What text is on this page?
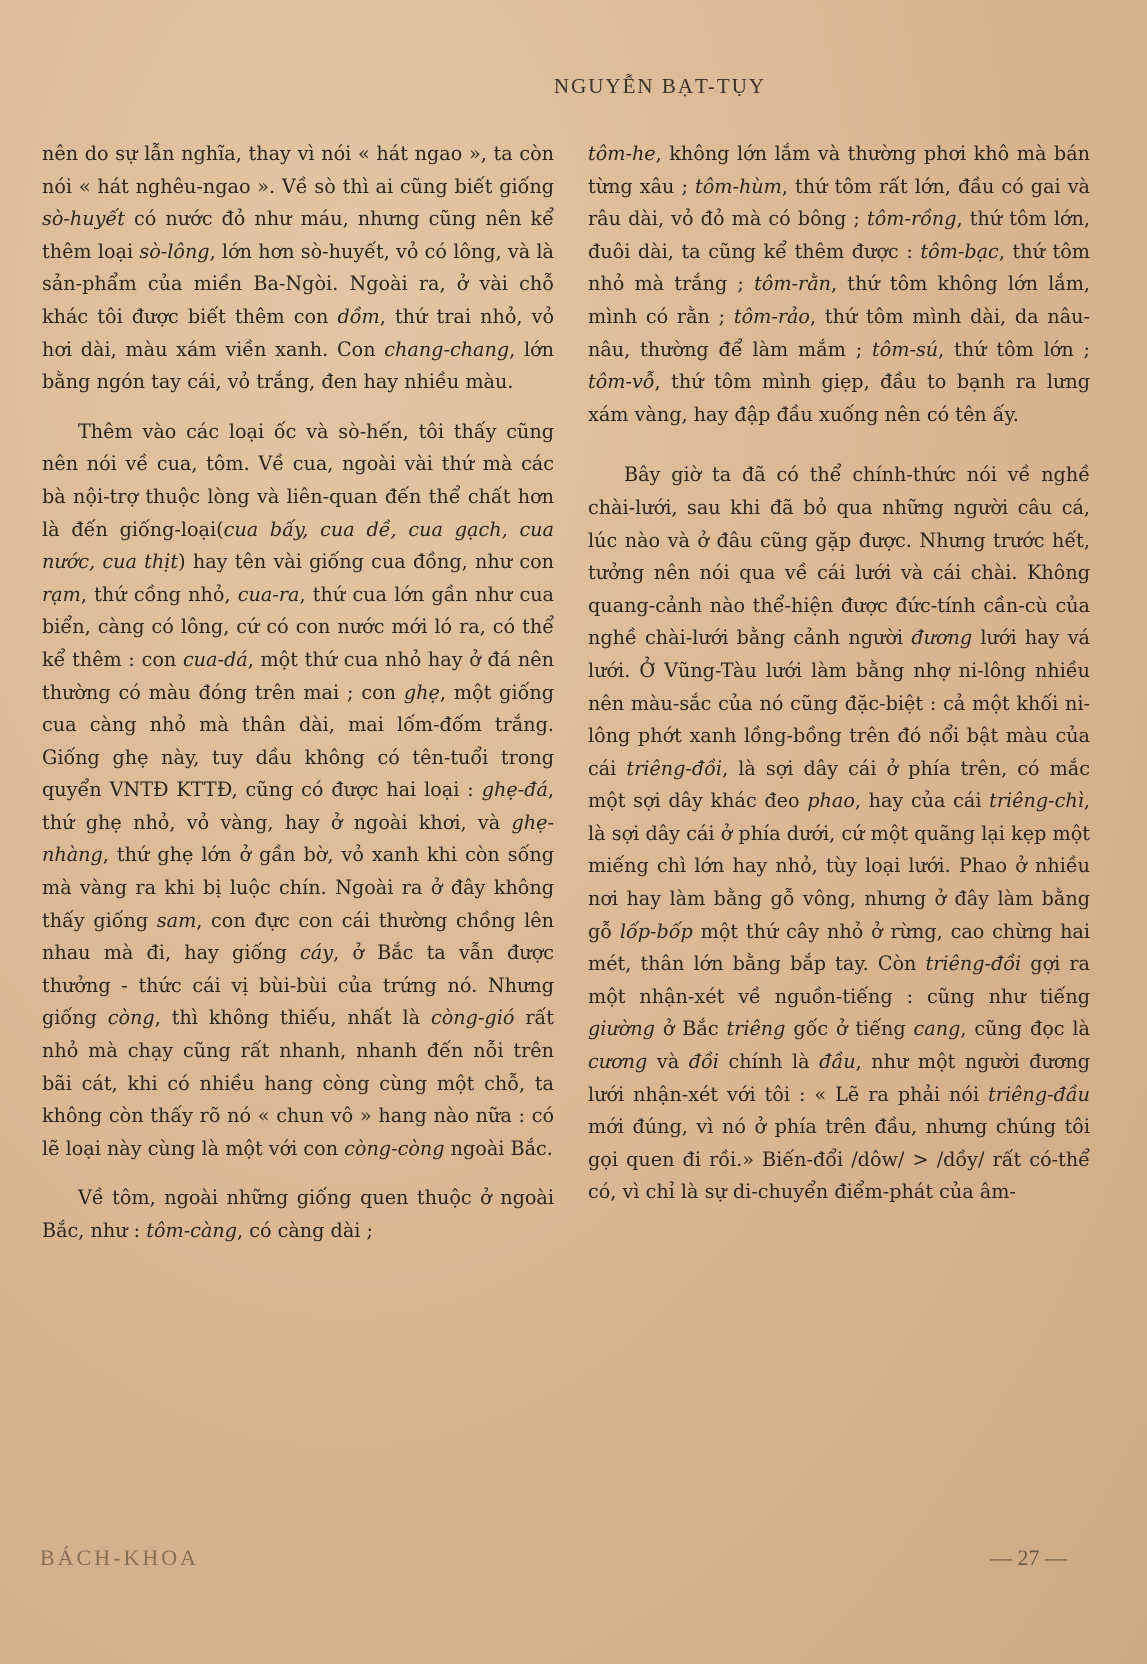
NGUYỄN BẠT-TỤY

nên do sự lẫn nghĩa, thay vì nói « hát ngao », ta còn nói « hát nghêu-ngao ». Về sò thì ai cũng biết giống sò-huyết có nước đỏ như máu, nhưng cũng nên kể thêm loại sò-lông, lớn hơn sò-huyết, vỏ có lông, và là sản-phẩm của miền Ba-Ngòi. Ngoài ra, ở vài chỗ khác tôi được biết thêm con dồm, thứ trai nhỏ, vỏ hơi dài, màu xám viền xanh. Con chang-chang, lớn bằng ngón tay cái, vỏ trắng, đen hay nhiều màu.

Thêm vào các loại ốc và sò-hến, tôi thấy cũng nên nói về cua, tôm. Về cua, ngoài vài thứ mà các bà nội-trợ thuộc lòng và liên-quan đến thể chất hơn là đến giống-loại(cua bấy, cua dề, cua gạch, cua nước, cua thịt) hay tên vài giống cua đồng, như con rạm, thứ cồng nhỏ, cua-ra, thứ cua lớn gần như cua biển, càng có lông, cứ có con nước mới ló ra, có thể kể thêm : con cua-dá, một thứ cua nhỏ hay ở đá nên thường có màu đóng trên mai ; con ghẹ, một giống cua càng nhỏ mà thân dài, mai lốm-đốm trắng. Giống ghẹ này, tuy dầu không có tên-tuổi trong quyển VNTĐ KTTĐ, cũng có được hai loại : ghẹ-đá, thứ ghẹ nhỏ, vỏ vàng, hay ở ngoài khơi, và ghẹ-nhàng, thứ ghẹ lớn ở gần bờ, vỏ xanh khi còn sống mà vàng ra khi bị luộc chín. Ngoài ra ở đây không thấy giống sam, con đực con cái thường chồng lên nhau mà đi, hay giống cáy, ở Bắc ta vẫn được thưởng - thức cái vị bùi-bùi của trứng nó. Nhưng giống còng, thì không thiếu, nhất là còng-gió rất nhỏ mà chạy cũng rất nhanh, nhanh đến nỗi trên bãi cát, khi có nhiều hang còng cùng một chỗ, ta không còn thấy rõ nó « chun vô » hang nào nữa : có lẽ loại này cùng là một với con còng-còng ngoài Bắc.

Về tôm, ngoài những giống quen thuộc ở ngoài Bắc, như : tôm-càng, có càng dài ;

tôm-he, không lớn lắm và thường phơi khô mà bán từng xâu ; tôm-hùm, thứ tôm rất lớn, đầu có gai và râu dài, vỏ đỏ mà có bông ; tôm-rồng, thứ tôm lớn, đuôi dài, ta cũng kể thêm được : tôm-bạc, thứ tôm nhỏ mà trắng ; tôm-rằn, thứ tôm không lớn lắm, mình có rằn ; tôm-rảo, thứ tôm mình dài, da nâu-nâu, thường để làm mắm ; tôm-sú, thứ tôm lớn ; tôm-vỗ, thứ tôm mình giẹp, đầu to bạnh ra lưng xám vàng, hay đập đầu xuống nên có tên ấy.

Bây giờ ta đã có thể chính-thức nói về nghề chài-lưới, sau khi đã bỏ qua những người câu cá, lúc nào và ở đâu cũng gặp được. Nhưng trước hết, tưởng nên nói qua về cái lưới và cái chài. Không quang-cảnh nào thể-hiện được đức-tính cần-cù của nghề chài-lưới bằng cảnh người đương lưới hay vá lưới. Ở Vũng-Tàu lưới làm bằng nhợ ni-lông nhiều nên màu-sắc của nó cũng đặc-biệt : cả một khối ni-lông phớt xanh lồng-bồng trên đó nổi bật màu của cái triêng-đồi, là sợi dây cái ở phía trên, có mắc một sợi dây khác đeo phao, hay của cái triêng-chì, là sợi dây cái ở phía dưới, cứ một quãng lại kẹp một miếng chì lớn hay nhỏ, tùy loại lưới. Phao ở nhiều nơi hay làm bằng gỗ vông, nhưng ở đây làm bằng gỗ lốp-bốp một thứ cây nhỏ ở rừng, cao chừng hai mét, thân lớn bằng bắp tay. Còn triêng-đồi gợi ra một nhận-xét về nguồn-tiếng : cũng như tiếng giường ở Bắc triêng gốc ở tiếng cang, cũng đọc là cương và đồi chính là đầu, như một người đương lưới nhận-xét với tôi : « Lẽ ra phải nói triêng-đầu mới đúng, vì nó ở phía trên đầu, nhưng chúng tôi gọi quen đi rồi.» Biến-đổi /dôw/ > /dồy/ rất có-thể có, vì chỉ là sự di-chuyển điểm-phát của âm-

BÁCH-KHOA	— 27 —
